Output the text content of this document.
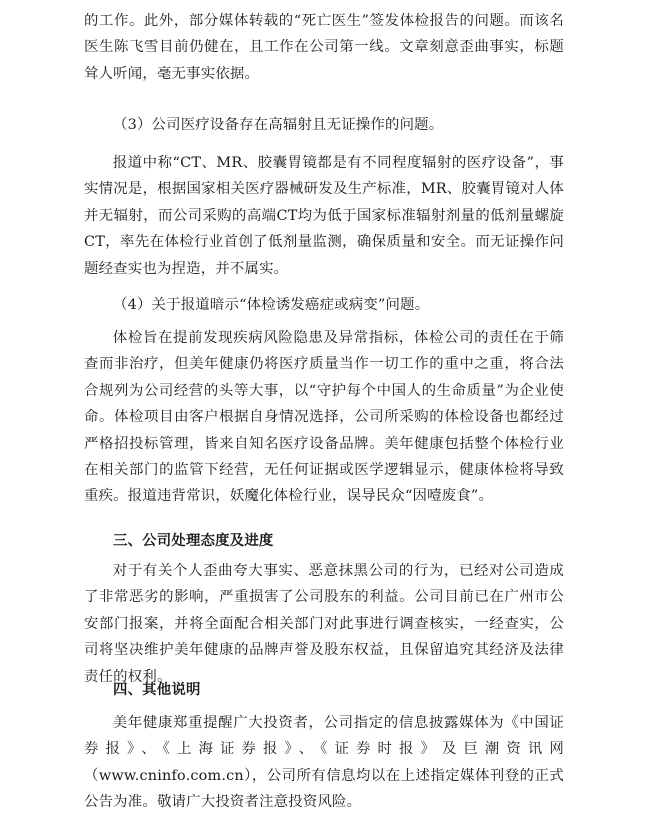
的工作。此外，部分媒体转载的“死亡医生”签发体检报告的问题。而该名医生陈飞雪目前仍健在，且工作在公司第一线。文章刻意歪曲事实，标题耸人听闻，毫无事实依据。

（3）公司医疗设备存在高辐射且无证操作的问题。

报道中称“CT、MR、胶囊胃镜都是有不同程度辐射的医疗设备”，事实情况是，根据国家相关医疗器械研发及生产标准，MR、胶囊胃镜对人体并无辐射，而公司采购的高端CT均为低于国家标准辐射剂量的低剂量螺旋CT，率先在体检行业首创了低剂量监测，确保质量和安全。而无证操作问题经查实也为捏造，并不属实。

（4）关于报道暗示“体检诱发癌症或病变”问题。

体检旨在提前发现疾病风险隐患及异常指标，体检公司的责任在于筛查而非治疗，但美年健康仍将医疗质量当作一切工作的重中之重，将合法合规列为公司经营的头等大事，以“守护每个中国人的生命质量”为企业使命。体检项目由客户根据自身情况选择，公司所采购的体检设备也都经过严格招投标管理，皆来自知名医疗设备品牌。美年健康包括整个体检行业在相关部门的监管下经营，无任何证据或医学逻辑显示，健康体检将导致重疾。报道违背常识，妖魔化体检行业，误导民众“因噎废食”。

三、公司处理态度及进度

对于有关个人歪曲夸大事实、恶意抹黑公司的行为，已经对公司造成了非常恶劣的影响，严重损害了公司股东的利益。公司目前已在广州市公安部门报案，并将全面配合相关部门对此事进行调查核实，一经查实，公司将坚决维护美年健康的品牌声誉及股东权益，且保留追究其经济及法律责任的权利。

四、其他说明

美年健康郑重提醒广大投资者，公司指定的信息披露媒体为《中国证券报》、《上海证券报》、《证券时报》及巨潮资讯网（www.cninfo.com.cn），公司所有信息均以在上述指定媒体刊登的正式公告为准。敬请广大投资者注意投资风险。
